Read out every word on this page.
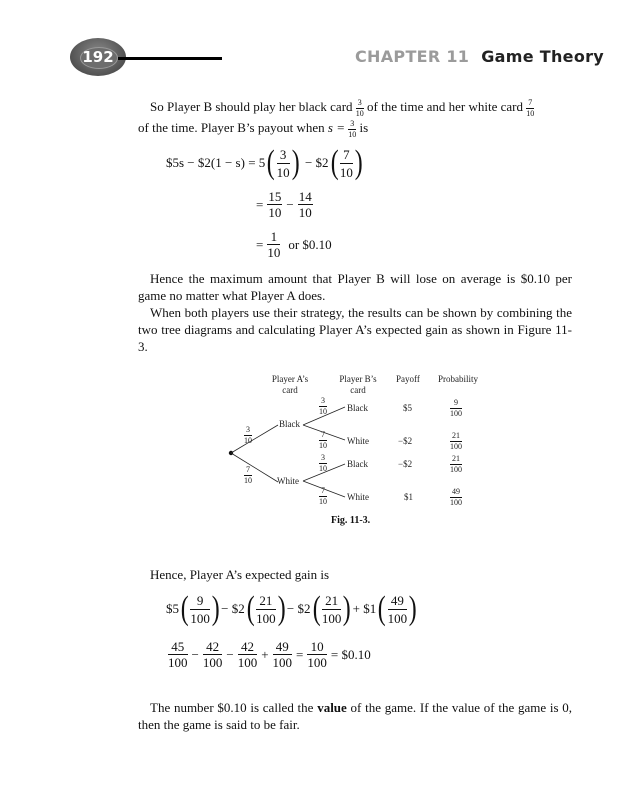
192	CHAPTER 11 Game Theory
So Player B should play her black card $\frac{3}{10}$ of the time and her white card $\frac{7}{10}$
of the time. Player B’s payout when $s = \frac{3}{10}$ is
$5s − $2(1 − s) = 5 ( $\frac{3}{10}$ ) − $2 ( $\frac{7}{10}$ )
= $\frac{15}{10} - \frac{14}{10}$
= $\frac{1}{10}$ or $0.10
Hence the maximum amount that Player B will lose on average is $0.10 per game no matter what Player A does.
When both players use their strategy, the results can be shown by combining the two tree diagrams and calculating Player A’s expected gain as shown in Figure 11-3.
Player A’s
card
Player B’s
card
Payoff Probability
$\frac{3}{10}$
Black
$\frac{7}{10}$	White
$\frac{3}{10}$ Black	$5	$\frac{9}{100}$
$\frac{7}{10}$ White	−$2	$\frac{21}{100}$
$\frac{3}{10}$ Black	−$2	$\frac{21}{100}$
$\frac{7}{10}$ White	$1	$\frac{49}{100}$
Fig. 11-3.
Hence, Player A’s expected gain is
$5 ( $\frac{9}{100}$ ) − $2 ( $\frac{21}{100}$ ) − $2 ( $\frac{21}{100}$ ) + $1 ( $\frac{49}{100}$ )
$\frac{45}{100} - \frac{42}{100} - \frac{42}{100} + \frac{49}{100} = \frac{10}{100}$ = $0.10
The number $0.10 is called the value of the game. If the value of the game is 0, then the game is said to be fair.
